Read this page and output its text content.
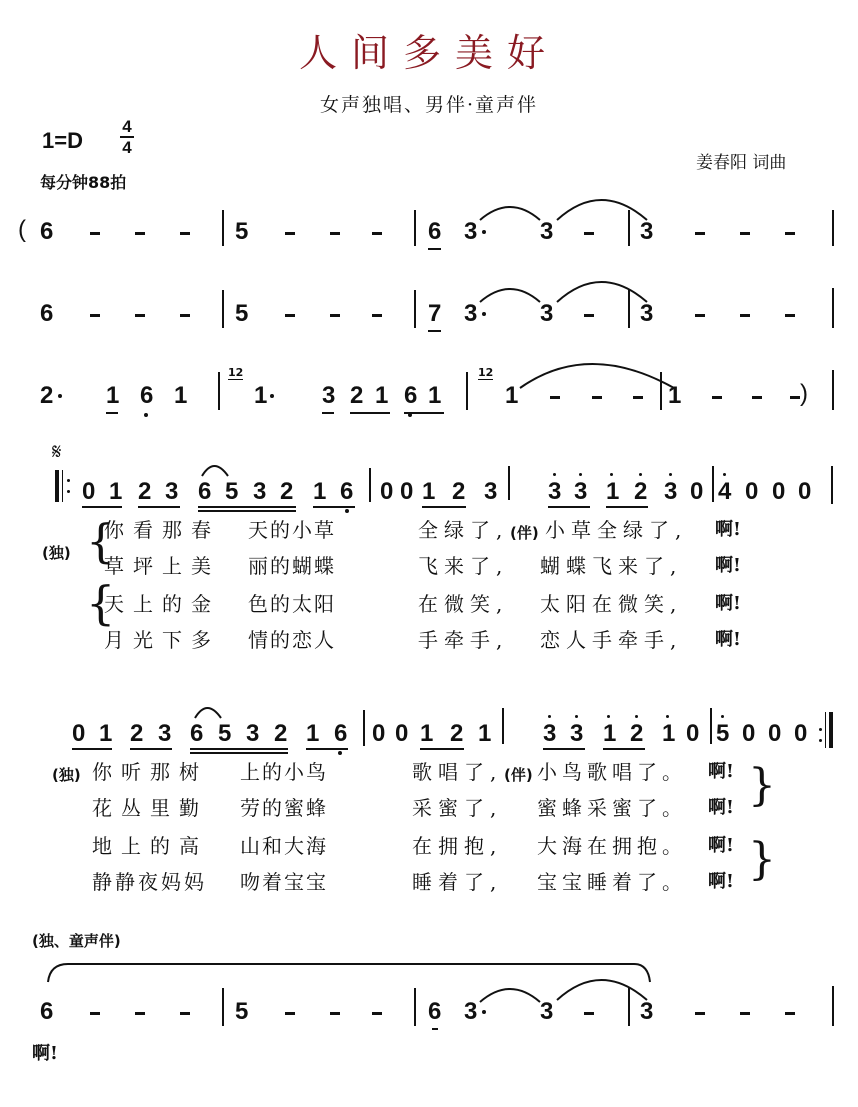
人间多美好
女声独唱、男伴·童声伴
1=D
4
4
每分钟88拍
姜春阳 词曲
( 6	5	6 3	3	3
6	5	7 3	3	3
2 1 6 1
12
1 3 2 1 6 1
12
1	1	)
𝄋
0 1 2 3 6 5 3 2 1 6 0 0 1 2 3 3 3 1 2 3 0 4 0 0 0
(独) {
{
你看那春 天的小草	全绿了, (伴) 小草全绿了, 啊!
草坪上美 丽的蝴蝶	飞来了, 蝴蝶飞来了, 啊!
天上的金 色的太阳	在微笑, 太阳在微笑, 啊!
月光下多 情的恋人	手牵手, 恋人手牵手, 啊!
0 1 2 3 6 5 3 2 1 6 0 0 1 2 1 3 3 1 2 1 0 5 0 0 0
(独) 你听那树 上的小鸟	歌唱了, (伴) 小鸟歌唱了。 啊!
花丛里勤 劳的蜜蜂	采蜜了, 蜜蜂采蜜了。 啊!
地上的高 山和大海	在拥抱, 大海在拥抱。 啊!
静静夜妈妈 吻着宝宝	睡着了, 宝宝睡着了。 啊!
}
}
(独、童声伴)
6	5	6 3	3	3
啊!
